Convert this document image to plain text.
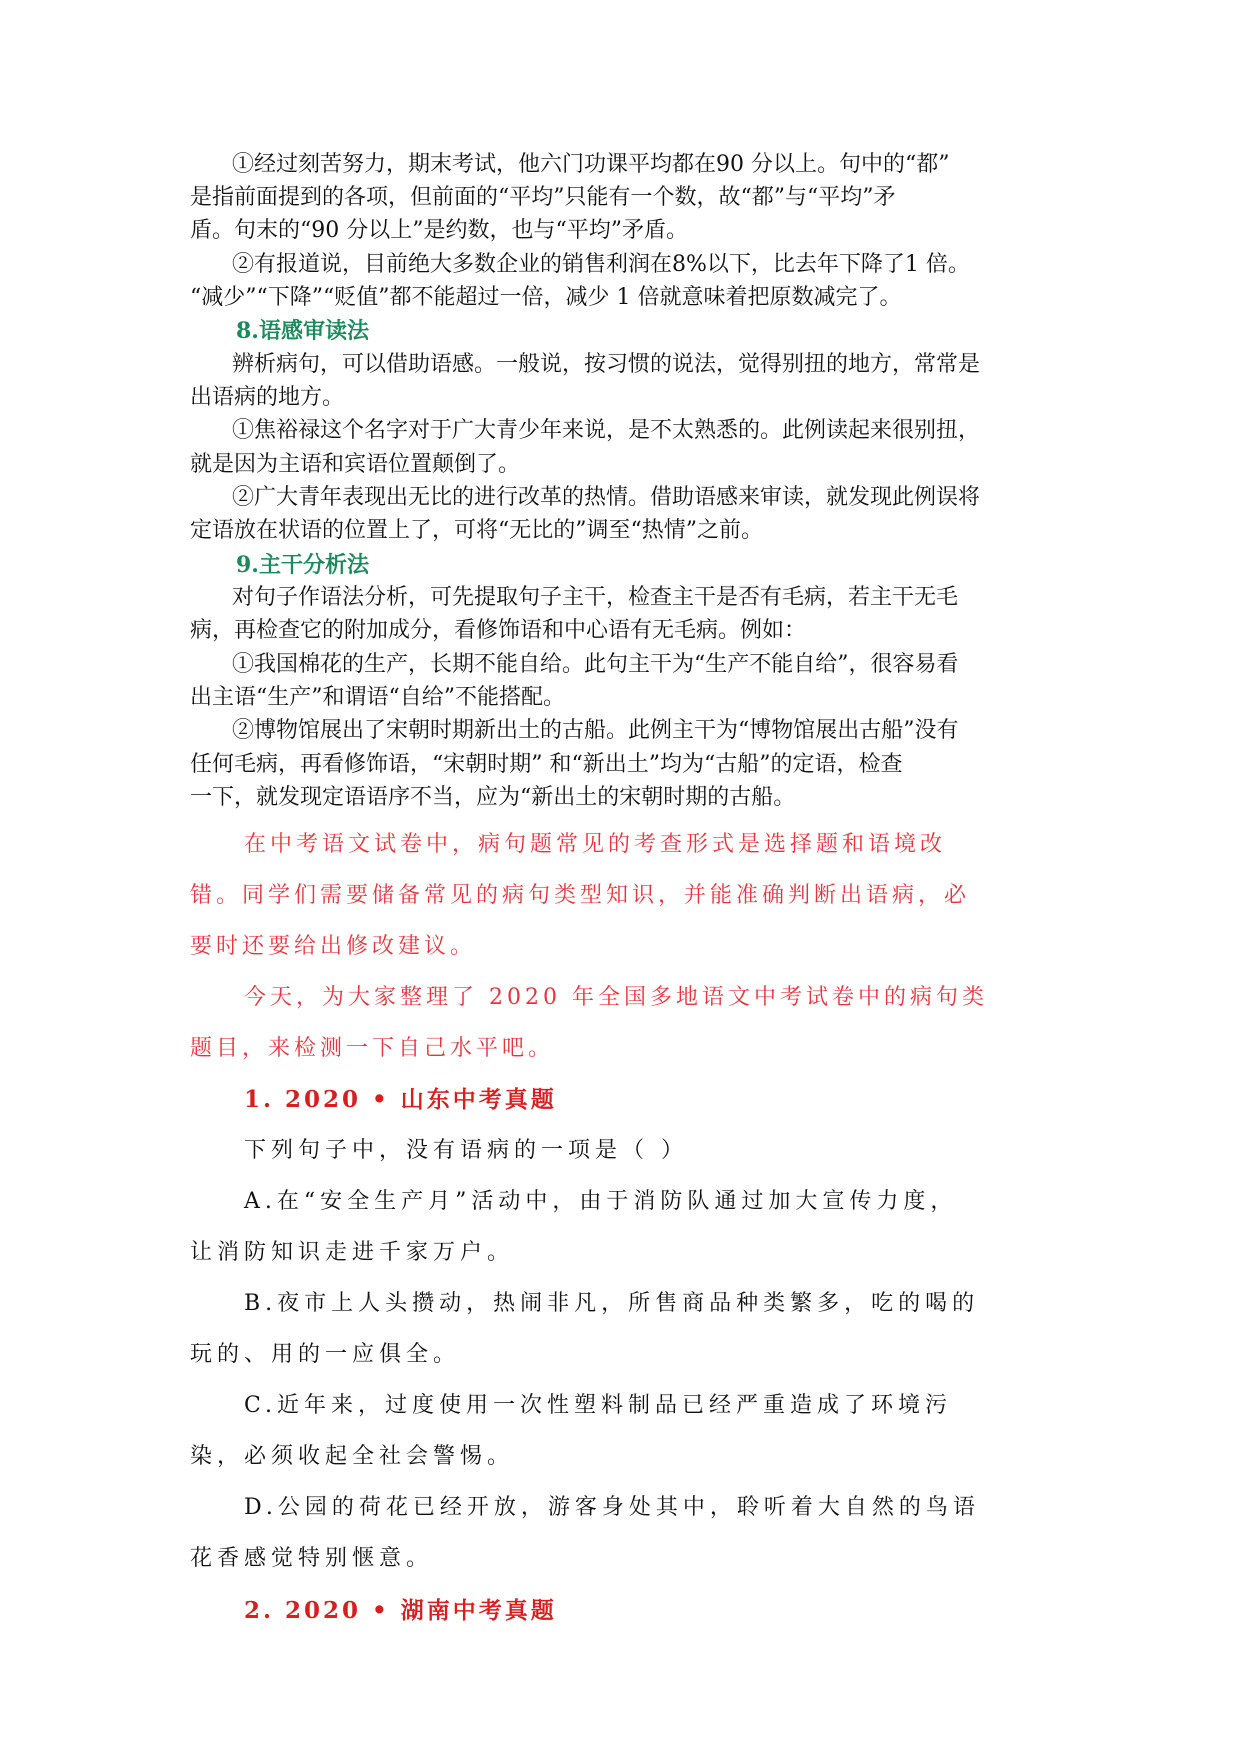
①经过刻苦努力，期末考试，他六门功课平均都在90 分以上。句中的“都”
是指前面提到的各项，但前面的“平均”只能有一个数，故“都”与“平均”矛
盾。句末的“90 分以上”是约数，也与“平均”矛盾。
②有报道说，目前绝大多数企业的销售利润在8%以下，比去年下降了1 倍。
“减少”“下降”“贬值”都不能超过一倍，减少 1 倍就意味着把原数减完了。
8.语感审读法
辨析病句，可以借助语感。一般说，按习惯的说法，觉得别扭的地方，常常是
出语病的地方。
①焦裕禄这个名字对于广大青少年来说，是不太熟悉的。此例读起来很别扭，
就是因为主语和宾语位置颠倒了。
②广大青年表现出无比的进行改革的热情。借助语感来审读，就发现此例误将
定语放在状语的位置上了，可将“无比的”调至“热情”之前。
9.主干分析法
对句子作语法分析，可先提取句子主干，检查主干是否有毛病，若主干无毛
病，再检查它的附加成分，看修饰语和中心语有无毛病。例如：
①我国棉花的生产，长期不能自给。此句主干为“生产不能自给”，很容易看
出主语“生产”和谓语“自给”不能搭配。
②博物馆展出了宋朝时期新出土的古船。此例主干为“博物馆展出古船”没有
任何毛病，再看修饰语，“宋朝时期” 和“新出土”均为“古船”的定语，检查
一下，就发现定语语序不当，应为“新出土的宋朝时期的古船。
在中考语文试卷中，病句题常见的考查形式是选择题和语境改
错。同学们需要储备常见的病句类型知识，并能准确判断出语病，必
要时还要给出修改建议。
今天，为大家整理了 2020 年全国多地语文中考试卷中的病句类
题目，来检测一下自己水平吧。
1. 2020 • 山东中考真题
下列句子中，没有语病的一项是（ ）
A.在“安全生产月”活动中，由于消防队通过加大宣传力度，
让消防知识走进千家万户。
B.夜市上人头攒动，热闹非凡，所售商品种类繁多，吃的喝的
玩的、用的一应俱全。
C.近年来，过度使用一次性塑料制品已经严重造成了环境污
染，必须收起全社会警惕。
D.公园的荷花已经开放，游客身处其中，聆听着大自然的鸟语
花香感觉特别惬意。
2. 2020 • 湖南中考真题
